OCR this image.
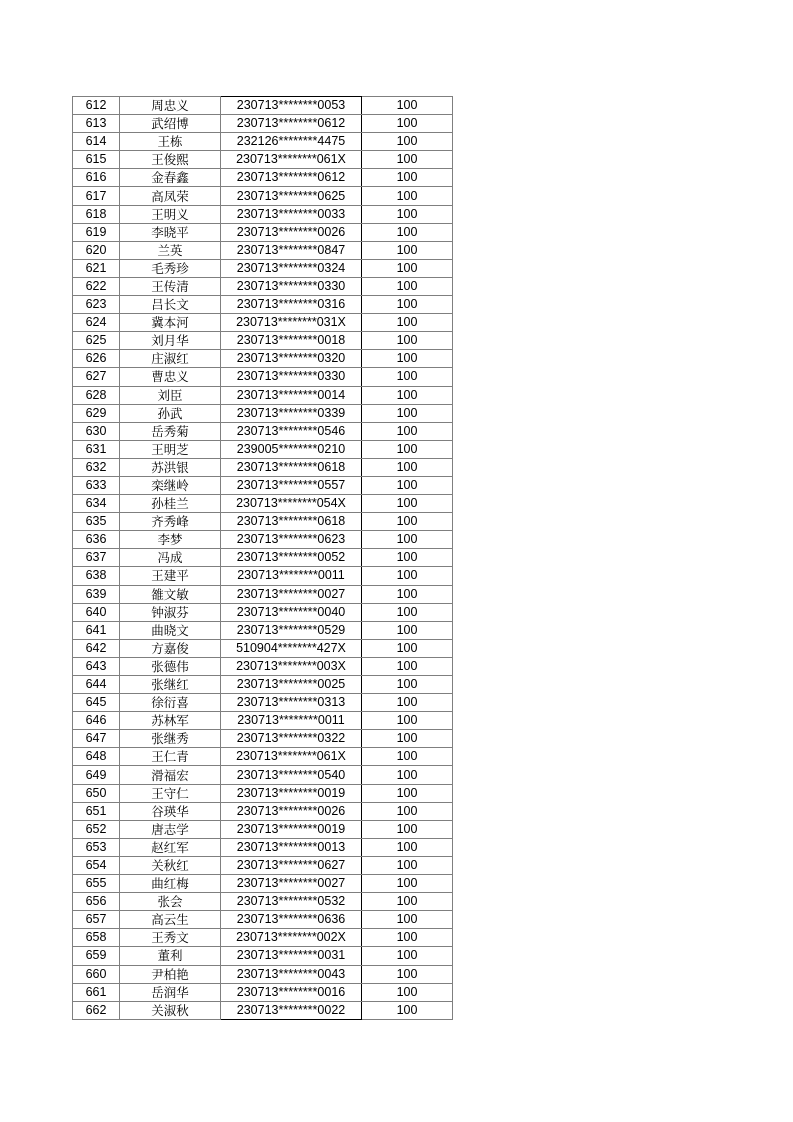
612	周忠义	230713********0053	100
613	武绍博	230713********0612	100
614	王栋	232126********4475	100
615	王俊熙	230713********061X	100
616	金春鑫	230713********0612	100
617	高凤荣	230713********0625	100
618	王明义	230713********0033	100
619	李晓平	230713********0026	100
620	兰英	230713********0847	100
621	毛秀珍	230713********0324	100
622	王传清	230713********0330	100
623	吕长文	230713********0316	100
624	冀本河	230713********031X	100
625	刘月华	230713********0018	100
626	庄淑红	230713********0320	100
627	曹忠义	230713********0330	100
628	刘臣	230713********0014	100
629	孙武	230713********0339	100
630	岳秀菊	230713********0546	100
631	王明芝	239005********0210	100
632	苏洪银	230713********0618	100
633	栾继岭	230713********0557	100
634	孙桂兰	230713********054X	100
635	齐秀峰	230713********0618	100
636	李梦	230713********0623	100
637	冯成	230713********0052	100
638	王建平	230713********0011	100
639	雒文敏	230713********0027	100
640	钟淑芬	230713********0040	100
641	曲晓文	230713********0529	100
642	方嘉俊	510904********427X	100
643	张德伟	230713********003X	100
644	张继红	230713********0025	100
645	徐衍喜	230713********0313	100
646	苏林军	230713********0011	100
647	张继秀	230713********0322	100
648	王仁青	230713********061X	100
649	滑福宏	230713********0540	100
650	王守仁	230713********0019	100
651	谷瑛华	230713********0026	100
652	唐志学	230713********0019	100
653	赵红军	230713********0013	100
654	关秋红	230713********0627	100
655	曲红梅	230713********0027	100
656	张会	230713********0532	100
657	高云生	230713********0636	100
658	王秀文	230713********002X	100
659	董利	230713********0031	100
660	尹柏艳	230713********0043	100
661	岳润华	230713********0016	100
662	关淑秋	230713********0022	100
